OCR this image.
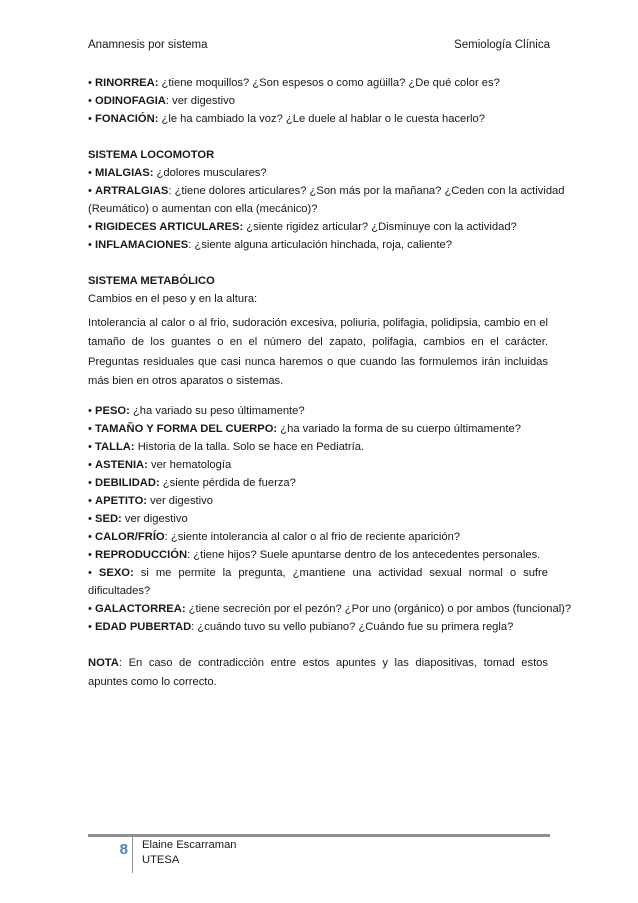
Anamnesis por sistema	Semiología Clínica
• RINORREA: ¿tiene moquillos? ¿Son espesos o como agüilla? ¿De qué color es?
• ODINOFAGIA: ver digestivo
• FONACIÓN: ¿le ha cambiado la voz? ¿Le duele al hablar o le cuesta hacerlo?
SISTEMA LOCOMOTOR
• MIALGIAS: ¿dolores musculares?
• ARTRALGIAS: ¿tiene dolores articulares? ¿Son más por la mañana? ¿Ceden con la actividad
(Reumático) o aumentan con ella (mecánico)?
• RIGIDECES ARTICULARES: ¿siente rigidez articular? ¿Disminuye con la actividad?
• INFLAMACIONES: ¿siente alguna articulación hinchada, roja, caliente?
SISTEMA METABÓLICO
Cambios en el peso y en la altura:
Intolerancia al calor o al frio, sudoración excesiva, poliuria, polifagia, polidipsia, cambio en el tamaño de los guantes o en el número del zapato, polifagia, cambios en el carácter. Preguntas residuales que casi nunca haremos o que cuando las formulemos irán incluidas más bien en otros aparatos o sistemas.
• PESO: ¿ha variado su peso últimamente?
• TAMAÑO Y FORMA DEL CUERPO: ¿ha variado la forma de su cuerpo últimamente?
• TALLA: Historia de la talla. Solo se hace en Pediatría.
• ASTENIA: ver hematología
• DEBILIDAD: ¿siente pérdida de fuerza?
• APETITO: ver digestivo
• SED: ver digestivo
• CALOR/FRÍO: ¿siente intolerancia al calor o al frio de reciente aparición?
• REPRODUCCIÓN: ¿tiene hijos? Suele apuntarse dentro de los antecedentes personales.
• SEXO: si me permite la pregunta, ¿mantiene una actividad sexual normal o sufre dificultades?
• GALACTORREA: ¿tiene secreción por el pezón? ¿Por uno (orgánico) o por ambos (funcional)?
• EDAD PUBERTAD: ¿cuándo tuvo su vello pubiano? ¿Cuándo fue su primera regla?
NOTA: En caso de contradicción entre estos apuntes y las diapositivas, tomad estos apuntes como lo correcto.
8	Elaine Escarraman
UTESA
